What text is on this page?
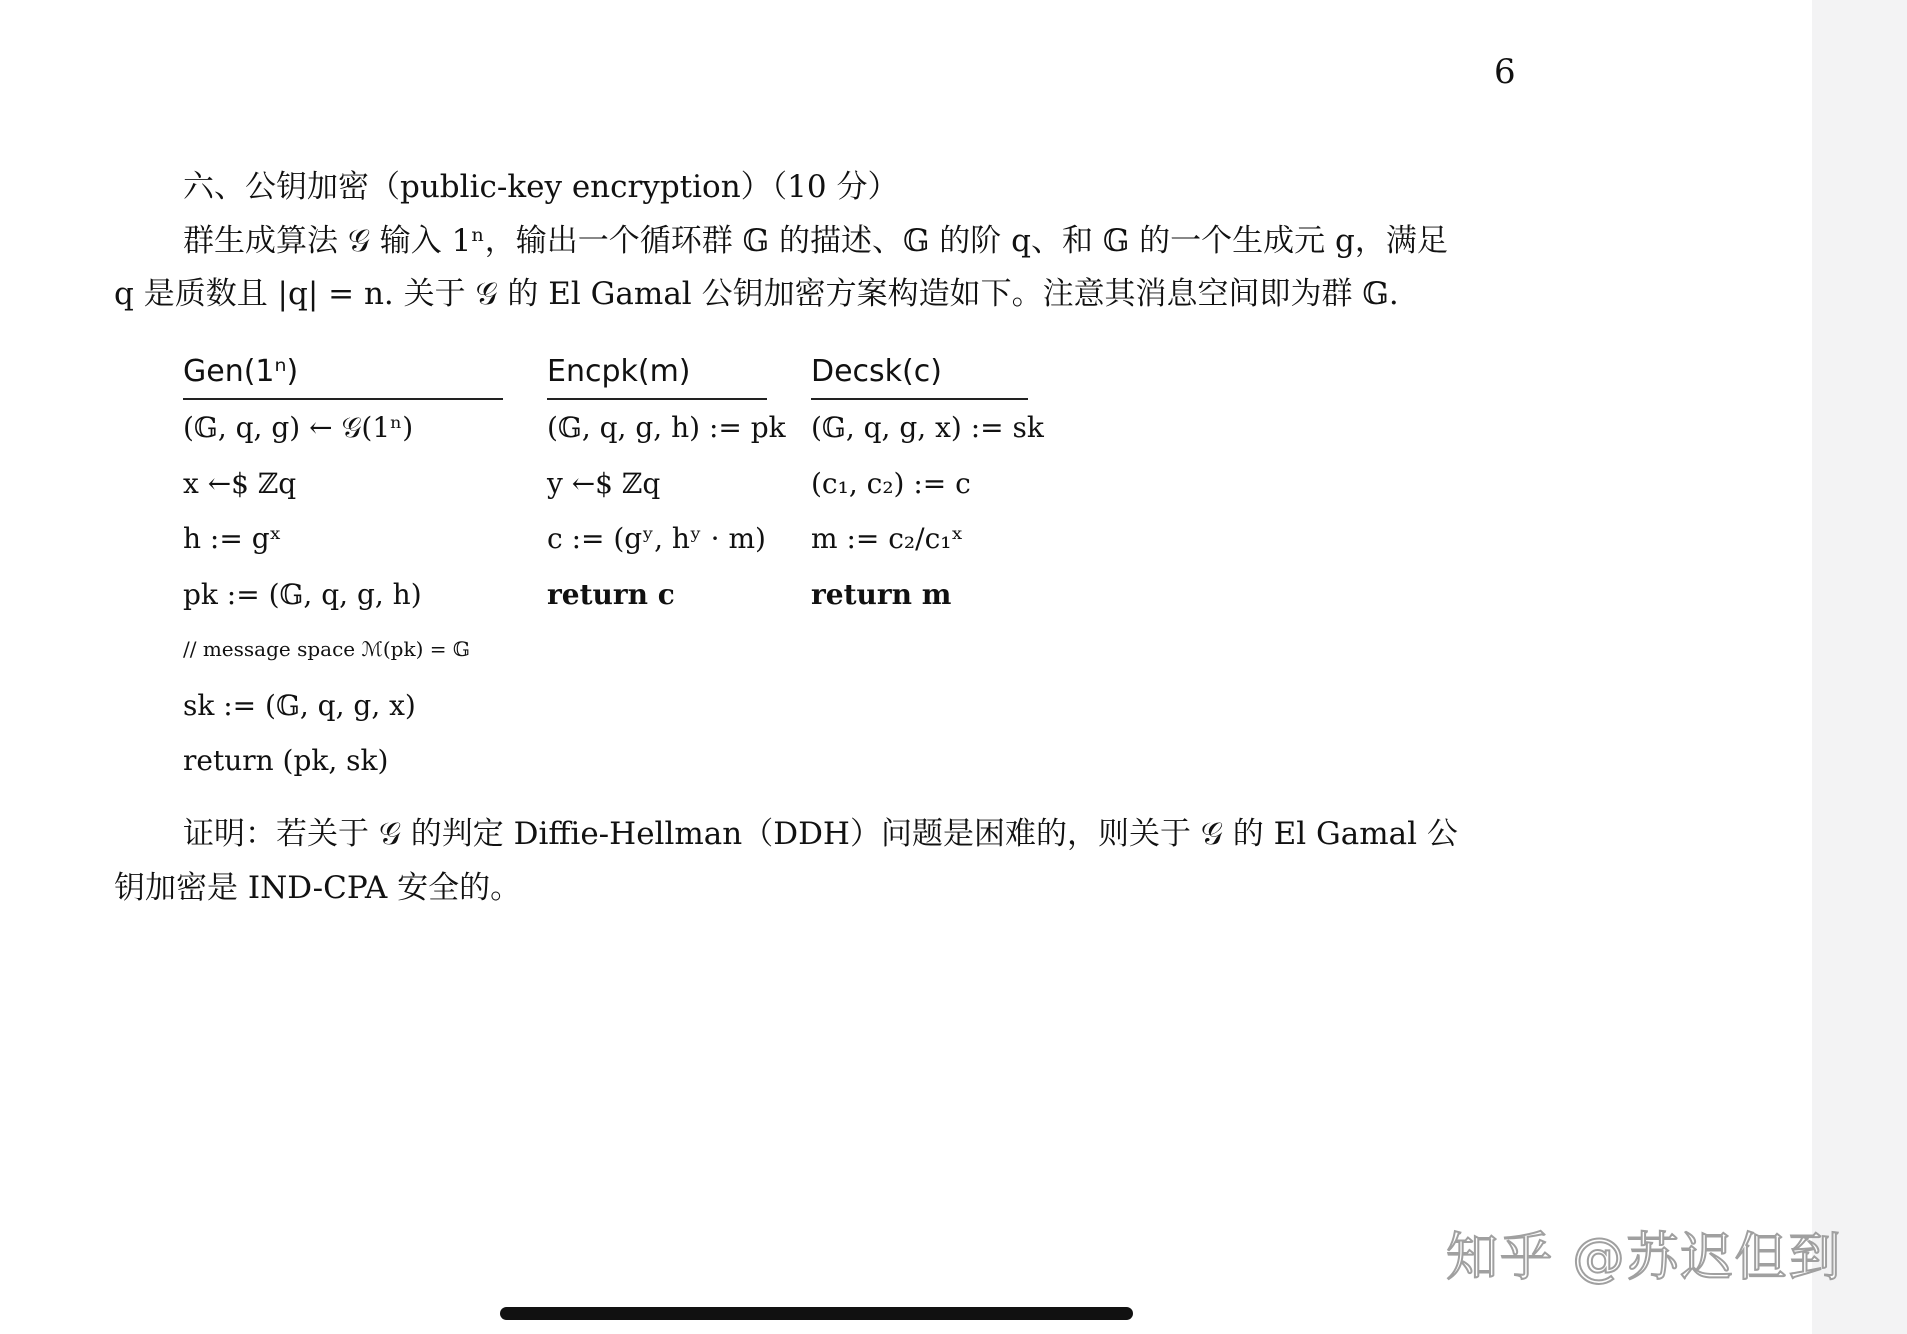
6
六、公钥加密（public-key encryption）（10 分）
群生成算法 𝒢 输入 1ⁿ，输出一个循环群 𝔾 的描述、𝔾 的阶 q、和 𝔾 的一个生成元 g，满足
q 是质数且 |q| = n. 关于 𝒢 的 El Gamal 公钥加密方案构造如下。注意其消息空间即为群 𝔾.
Gen(1ⁿ)
(𝔾, q, g) ← 𝒢(1ⁿ)
x ←$ ℤq
h := gˣ
pk := (𝔾, q, g, h)
// message space ℳ(pk) = 𝔾
sk := (𝔾, q, g, x)
return (pk, sk)
Encpk(m)
(𝔾, q, g, h) := pk
y ←$ ℤq
c := (gʸ, hʸ · m)
return c
Decsk(c)
(𝔾, q, g, x) := sk
(c₁, c₂) := c
m := c₂/c₁ˣ
return m
证明：若关于 𝒢 的判定 Diffie-Hellman（DDH）问题是困难的，则关于 𝒢 的 El Gamal 公
钥加密是 IND-CPA 安全的。
知乎 @苏迟但到
